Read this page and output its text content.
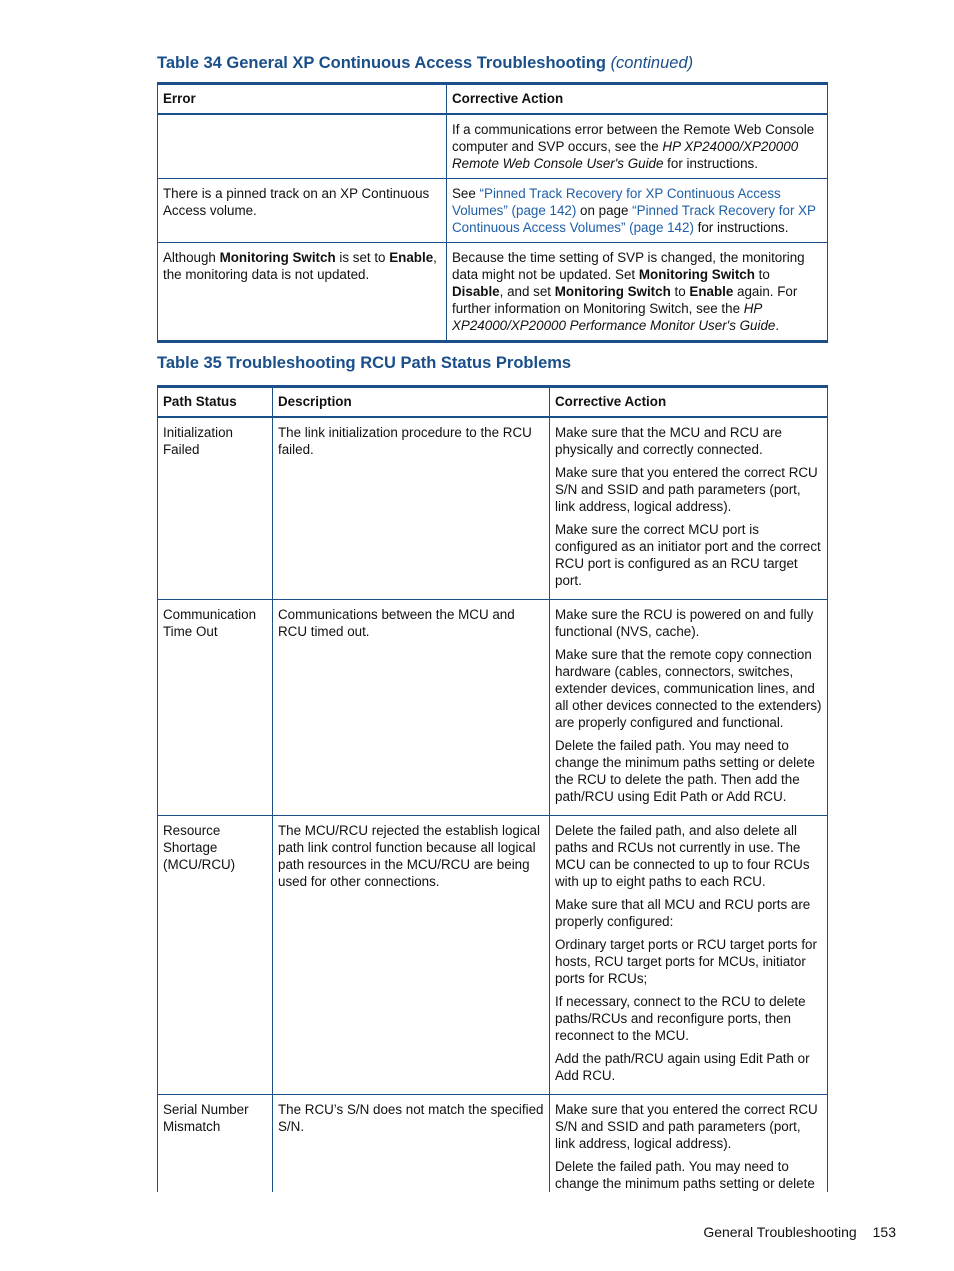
Table 34 General XP Continuous Access Troubleshooting (continued)
Error	Corrective Action
	If a communications error between the Remote Web Console computer and SVP occurs, see the HP XP24000/XP20000 Remote Web Console User's Guide for instructions.
There is a pinned track on an XP Continuous Access volume.	See “Pinned Track Recovery for XP Continuous Access Volumes” (page 142) on page “Pinned Track Recovery for XP Continuous Access Volumes” (page 142) for instructions.
Although Monitoring Switch is set to Enable, the monitoring data is not updated.	Because the time setting of SVP is changed, the monitoring data might not be updated. Set Monitoring Switch to Disable, and set Monitoring Switch to Enable again. For further information on Monitoring Switch, see the HP XP24000/XP20000 Performance Monitor User's Guide.
Table 35 Troubleshooting RCU Path Status Problems
Path Status	Description	Corrective Action
Initialization Failed	The link initialization procedure to the RCU failed.	Make sure that the MCU and RCU are physically and correctly connected.

Make sure that you entered the correct RCU S/N and SSID and path parameters (port, link address, logical address).

Make sure the correct MCU port is configured as an initiator port and the correct RCU port is configured as an RCU target port.

Communication Time Out	Communications between the MCU and RCU timed out.	Make sure the RCU is powered on and fully functional (NVS, cache).

Make sure that the remote copy connection hardware (cables, connectors, switches, extender devices, communication lines, and all other devices connected to the extenders) are properly configured and functional.

Delete the failed path. You may need to change the minimum paths setting or delete the RCU to delete the path. Then add the path/RCU using Edit Path or Add RCU.

Resource Shortage (MCU/RCU)	The MCU/RCU rejected the establish logical path link control function because all logical path resources in the MCU/RCU are being used for other connections.	Delete the failed path, and also delete all paths and RCUs not currently in use. The MCU can be connected to up to four RCUs with up to eight paths to each RCU.

Make sure that all MCU and RCU ports are properly configured:

Ordinary target ports or RCU target ports for hosts, RCU target ports for MCUs, initiator ports for RCUs;

If necessary, connect to the RCU to delete paths/RCUs and reconfigure ports, then reconnect to the MCU.

Add the path/RCU again using Edit Path or Add RCU.

Serial Number Mismatch	The RCU’s S/N does not match the specified S/N.	Make sure that you entered the correct RCU S/N and SSID and path parameters (port, link address, logical address).

Delete the failed path. You may need to change the minimum paths setting or delete

General Troubleshooting 153
